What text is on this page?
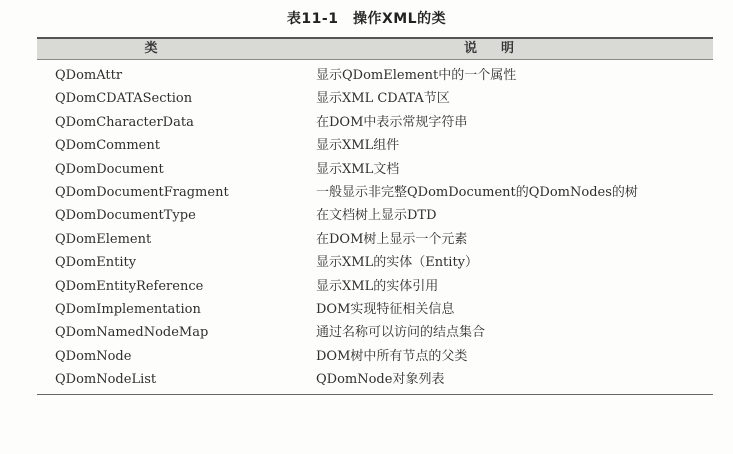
表11-1　操作XML的类
类	说明
QDomAttr	显示QDomElement中的一个属性
QDomCDATASection	显示XML CDATA节区
QDomCharacterData	在DOM中表示常规字符串
QDomComment	显示XML组件
QDomDocument	显示XML文档
QDomDocumentFragment	一般显示非完整QDomDocument的QDomNodes的树
QDomDocumentType	在文档树上显示DTD
QDomElement	在DOM树上显示一个元素
QDomEntity	显示XML的实体（Entity）
QDomEntityReference	显示XML的实体引用
QDomImplementation	DOM实现特征相关信息
QDomNamedNodeMap	通过名称可以访问的结点集合
QDomNode	DOM树中所有节点的父类
QDomNodeList	QDomNode对象列表
